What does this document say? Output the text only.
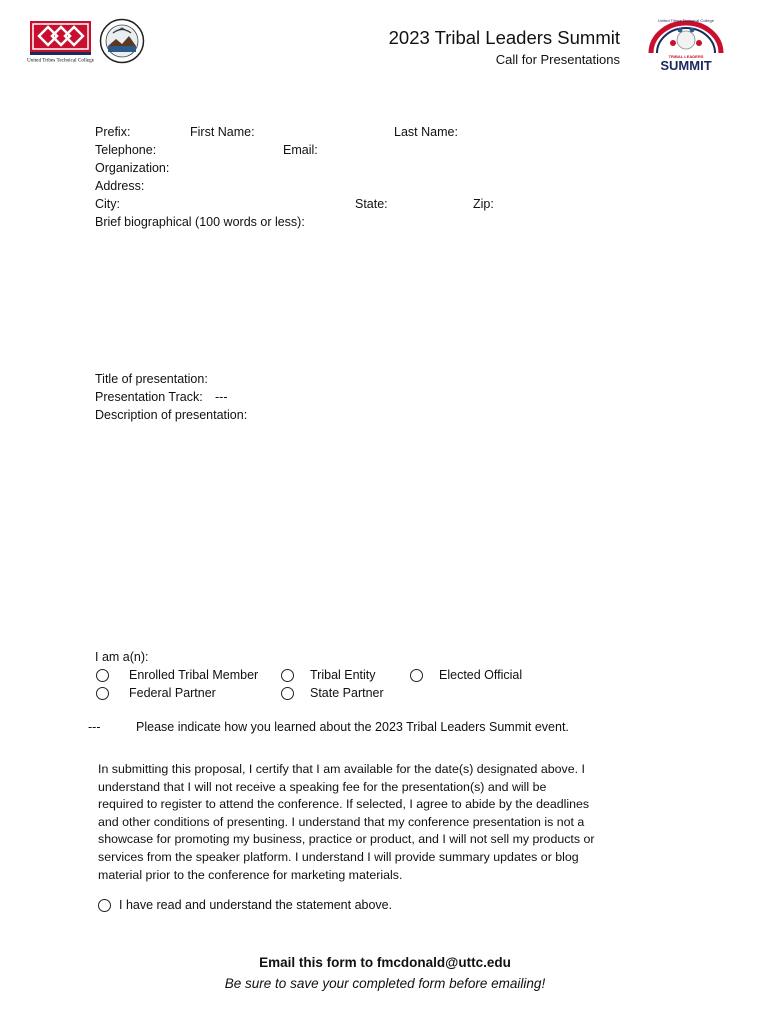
United Tribes Technical College
United Tribes Technical College
TRIBAL LEADERS
SUMMIT
2023 Tribal Leaders Summit
Call for Presentations
Prefix:	First Name:	Last Name:
Telephone:	Email:
Organization:
Address:
City:	State:	Zip:
Brief biographical (100 words or less):
Title of presentation:
Presentation Track: ---
Description of presentation:
I am a(n):
Enrolled Tribal Member	Tribal Entity	Elected Official
Federal Partner	State Partner
---	Please indicate how you learned about the 2023 Tribal Leaders Summit event.
In submitting this proposal, I certify that I am available for the date(s) designated above. I
understand that I will not receive a speaking fee for the presentation(s) and will be
required to register to attend the conference. If selected, I agree to abide by the deadlines
and other conditions of presenting. I understand that my conference presentation is not a
showcase for promoting my business, practice or product, and I will not sell my products or
services from the speaker platform. I understand I will provide summary updates or blog
material prior to the conference for marketing materials.
I have read and understand the statement above.
Email this form to fmcdonald@uttc.edu
Be sure to save your completed form before emailing!
